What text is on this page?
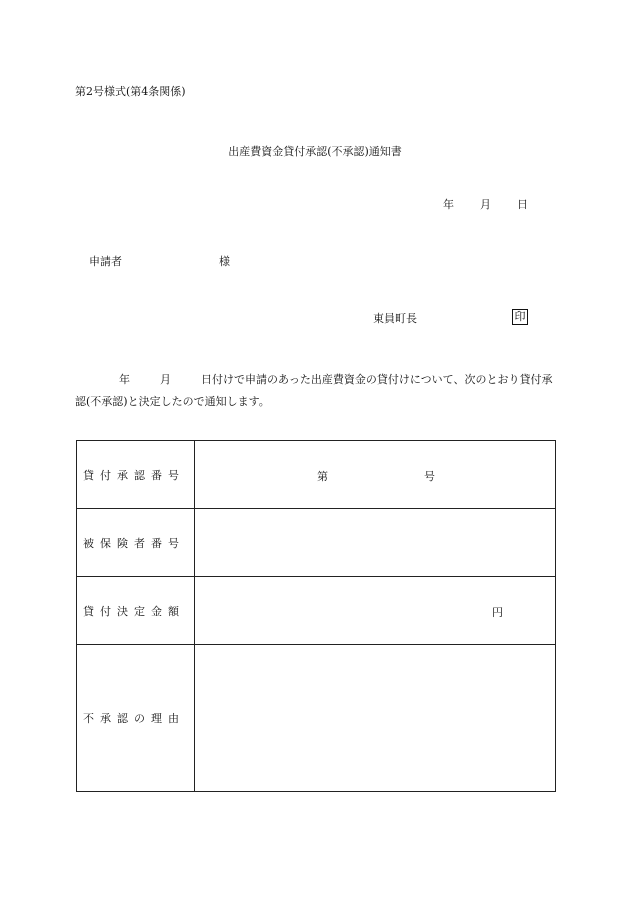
第2号様式(第4条関係)
出産費資金貸付承認(不承認)通知書
年 月 日
申請者	様
東員町長	印
年	月	日付けで申請のあった出産費資金の貸付けについて、次のとおり貸付承認(不承認)と決定したので通知します。
貸付承認番号	第 号

被保険者番号	
貸付決定金額	円

不承認の理由	
